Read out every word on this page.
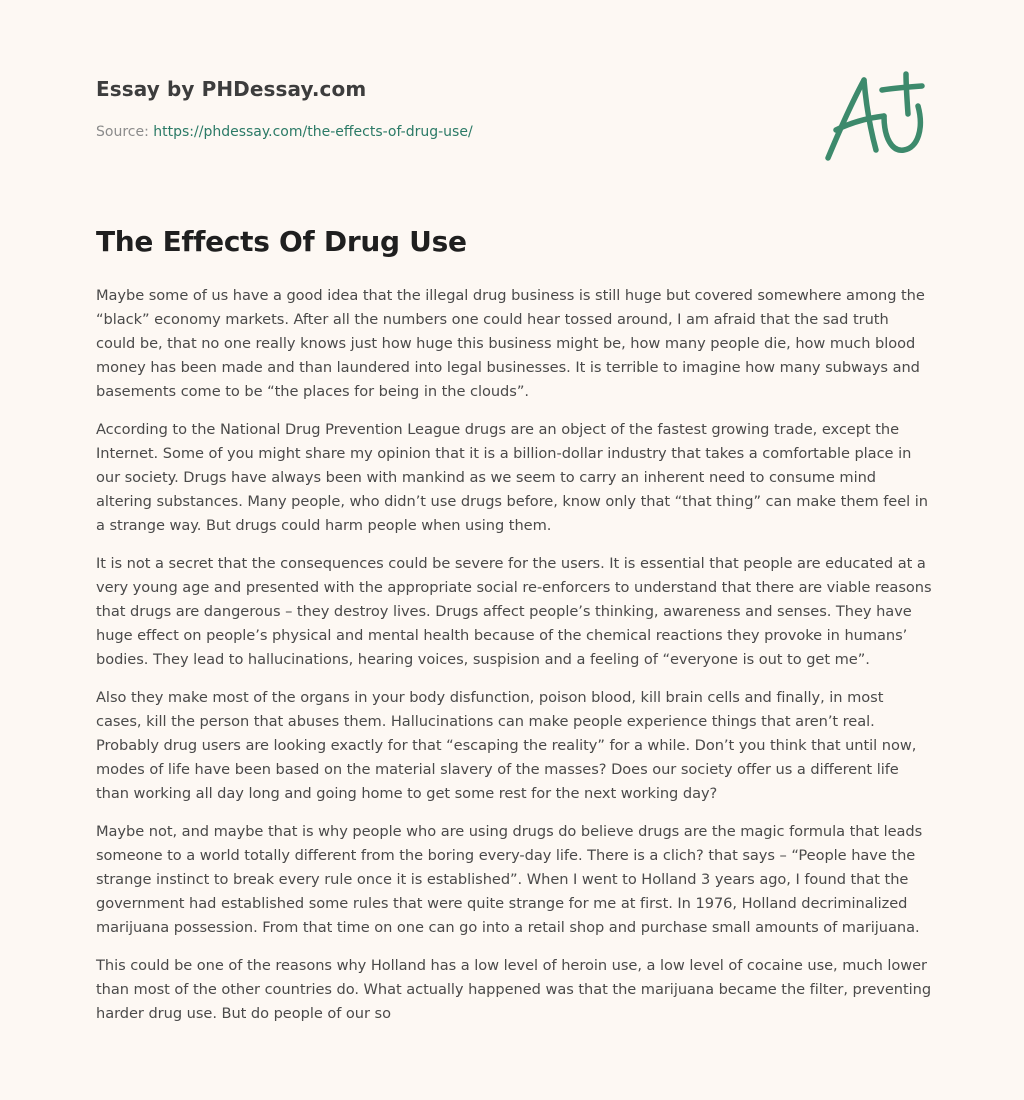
Essay by PHDessay.com
Source: https://phdessay.com/the-effects-of-drug-use/
The Effects Of Drug Use

Maybe some of us have a good idea that the illegal drug business is still huge but covered somewhere among the “black” economy markets. After all the numbers one could hear tossed around, I am afraid that the sad truth could be, that no one really knows just how huge this business might be, how many people die, how much blood money has been made and than laundered into legal businesses. It is terrible to imagine how many subways and basements come to be “the places for being in the clouds”.

According to the National Drug Prevention League drugs are an object of the fastest growing trade, except the Internet. Some of you might share my opinion that it is a billion-dollar industry that takes a comfortable place in our society. Drugs have always been with mankind as we seem to carry an inherent need to consume mind altering substances. Many people, who didn’t use drugs before, know only that “that thing” can make them feel in a strange way. But drugs could harm people when using them.

It is not a secret that the consequences could be severe for the users. It is essential that people are educated at a very young age and presented with the appropriate social re-enforcers to understand that there are viable reasons that drugs are dangerous – they destroy lives. Drugs affect people’s thinking, awareness and senses. They have huge effect on people’s physical and mental health because of the chemical reactions they provoke in humans’ bodies. They lead to hallucinations, hearing voices, suspision and a feeling of “everyone is out to get me”.

Also they make most of the organs in your body disfunction, poison blood, kill brain cells and finally, in most cases, kill the person that abuses them. Hallucinations can make people experience things that aren’t real. Probably drug users are looking exactly for that “escaping the reality” for a while. Don’t you think that until now, modes of life have been based on the material slavery of the masses? Does our society offer us a different life than working all day long and going home to get some rest for the next working day?

Maybe not, and maybe that is why people who are using drugs do believe drugs are the magic formula that leads someone to a world totally different from the boring every-day life. There is a clich? that says – “People have the strange instinct to break every rule once it is established”. When I went to Holland 3 years ago, I found that the government had established some rules that were quite strange for me at first. In 1976, Holland decriminalized marijuana possession. From that time on one can go into a retail shop and purchase small amounts of marijuana.

This could be one of the reasons why Holland has a low level of heroin use, a low level of cocaine use, much lower than most of the other countries do. What actually happened was that the marijuana became the filter, preventing harder drug use. But do people of our so
